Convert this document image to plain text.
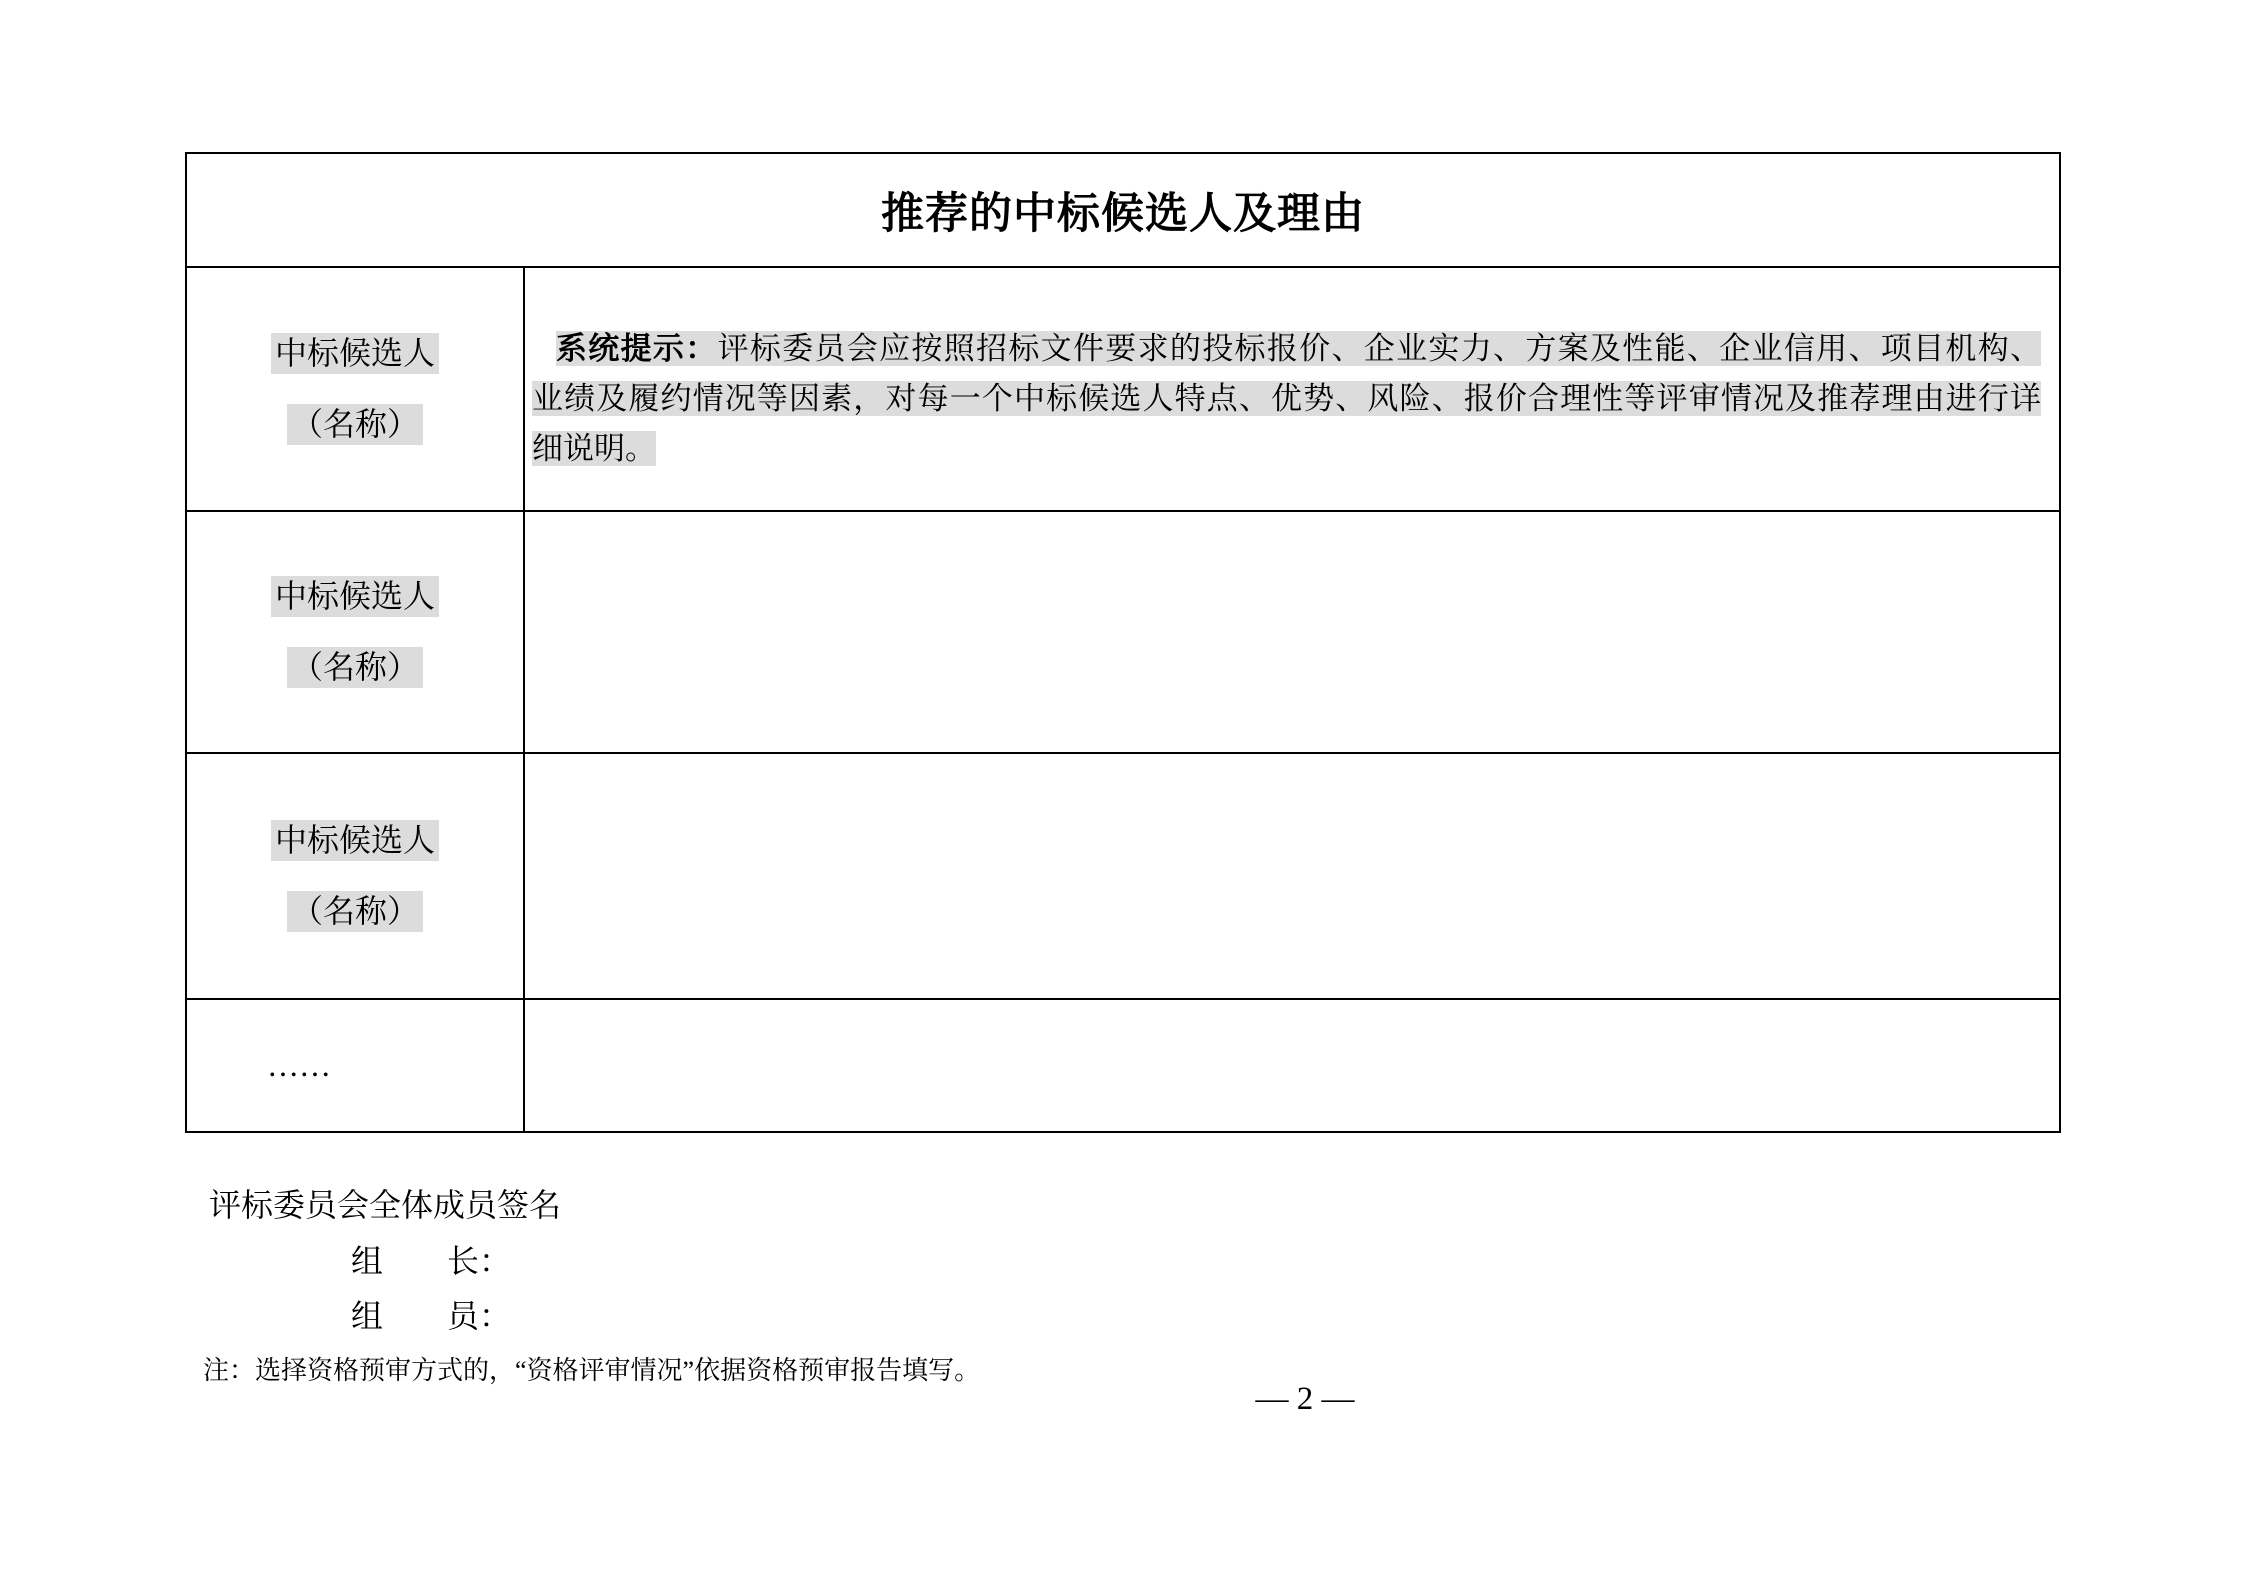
推荐的中标候选人及理由
中标候选人
（名称）
系统提示：评标委员会应按照招标文件要求的投标报价、企业实力、方案及性能、企业信用、项目机构、
业绩及履约情况等因素，对每一个中标候选人特点、优势、风险、报价合理性等评审情况及推荐理由进行详
细说明。
中标候选人
（名称）
中标候选人
（名称）
……
评标委员会全体成员签名
组　　长：
组　　员：
注：选择资格预审方式的，“资格评审情况”依据资格预审报告填写。
— 2 —
